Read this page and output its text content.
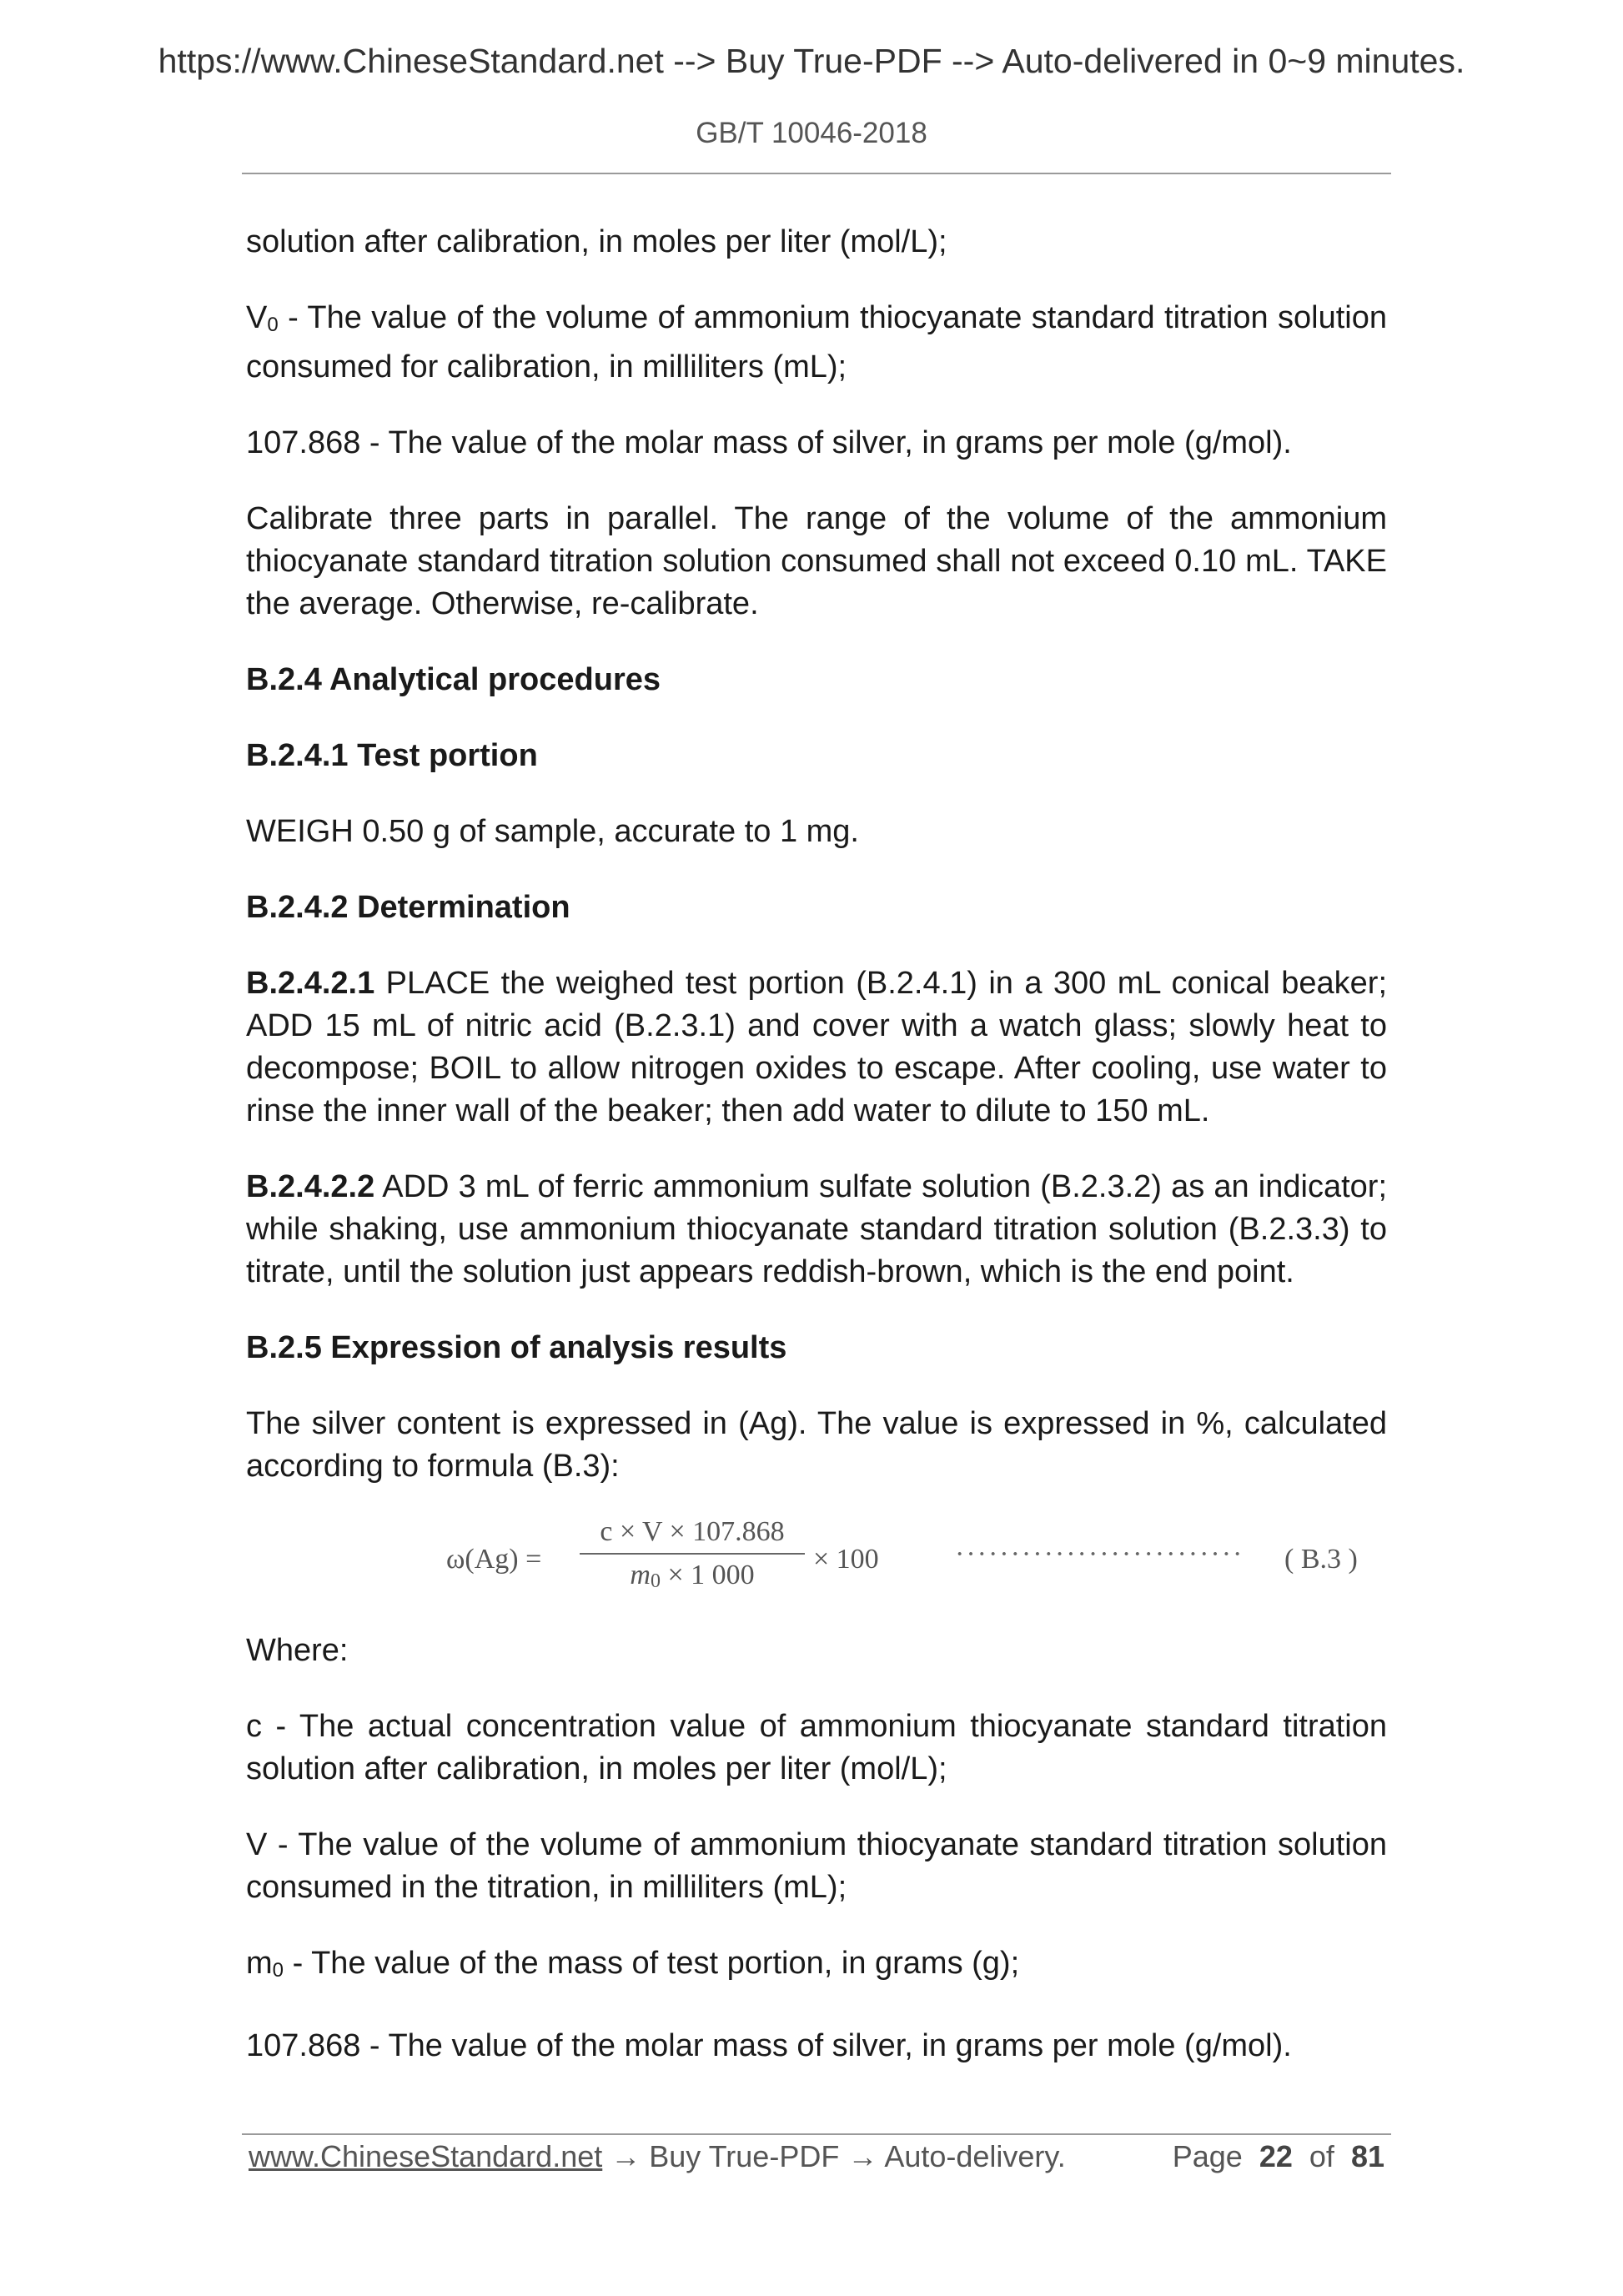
https://www.ChineseStandard.net --> Buy True-PDF --> Auto-delivered in 0~9 minutes.
GB/T 10046-2018

solution after calibration, in moles per liter (mol/L);

$V_0$ - The value of the volume of ammonium thiocyanate standard titration solution consumed for calibration, in milliliters (mL);

107.868 - The value of the molar mass of silver, in grams per mole (g/mol).

Calibrate three parts in parallel. The range of the volume of the ammonium thiocyanate standard titration solution consumed shall not exceed 0.10 mL. TAKE the average. Otherwise, re-calibrate.

B.2.4 Analytical procedures
B.2.4.1 Test portion

WEIGH 0.50 g of sample, accurate to 1 mg.

B.2.4.2 Determination

B.2.4.2.1 PLACE the weighed test portion (B.2.4.1) in a 300 mL conical beaker; ADD 15 mL of nitric acid (B.2.3.1) and cover with a watch glass; slowly heat to decompose; BOIL to allow nitrogen oxides to escape. After cooling, use water to rinse the inner wall of the beaker; then add water to dilute to 150 mL.

B.2.4.2.2 ADD 3 mL of ferric ammonium sulfate solution (B.2.3.2) as an indicator; while shaking, use ammonium thiocyanate standard titration solution (B.2.3.3) to titrate, until the solution just appears reddish-brown, which is the end point.

B.2.5 Expression of analysis results

The silver content is expressed in (Ag). The value is expressed in %, calculated according to formula (B.3):

ω(Ag) =
c × V × 107.868
$m_0 \times 1$ 000
× 100	·························· ( B.3 )

Where:

c - The actual concentration value of ammonium thiocyanate standard titration solution after calibration, in moles per liter (mol/L);

V - The value of the volume of ammonium thiocyanate standard titration solution consumed in the titration, in milliliters (mL);

$m_0$ - The value of the mass of test portion, in grams (g);

107.868 - The value of the molar mass of silver, in grams per mole (g/mol).

www.ChineseStandard.net → Buy True-PDF → Auto-delivery.	Page 22 of 81
